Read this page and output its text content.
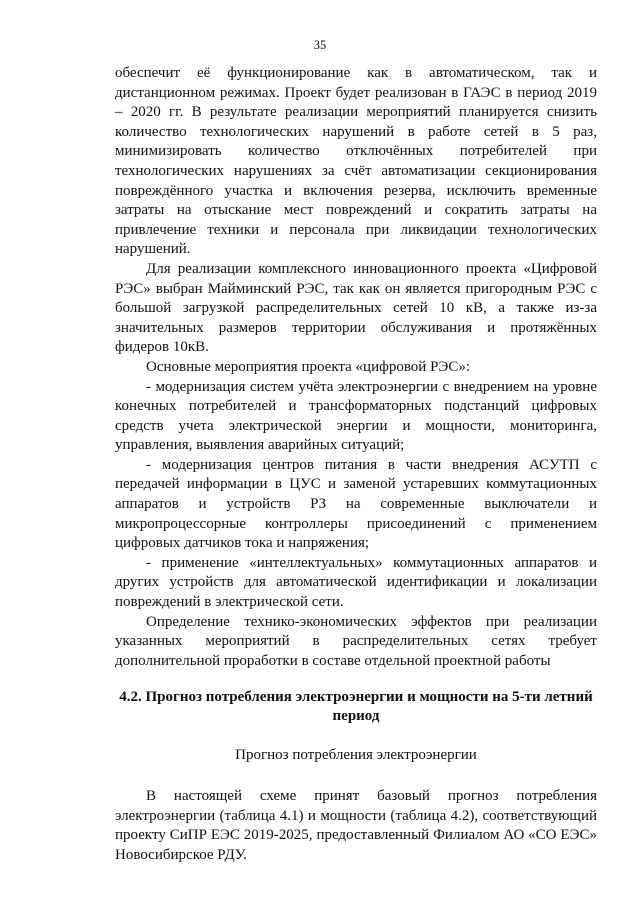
35

обеспечит её функционирование как в автоматическом, так и дистанционном режимах. Проект будет реализован в ГАЭС в период 2019 – 2020 гг. В результате реализации мероприятий планируется снизить количество технологических нарушений в работе сетей в 5 раз, минимизировать количество отключённых потребителей при технологических нарушениях за счёт автоматизации секционирования повреждённого участка и включения резерва, исключить временные затраты на отыскание мест повреждений и сократить затраты на привлечение техники и персонала при ликвидации технологических нарушений.

Для реализации комплексного инновационного проекта «Цифровой РЭС» выбран Майминский РЭС, так как он является пригородным РЭС с большой загрузкой распределительных сетей 10 кВ, а также из-за значительных размеров территории обслуживания и протяжённых фидеров 10кВ.

Основные мероприятия проекта «цифровой РЭС»:

- модернизация систем учёта электроэнергии с внедрением на уровне конечных потребителей и трансформаторных подстанций цифровых средств учета электрической энергии и мощности, мониторинга, управления, выявления аварийных ситуаций;

- модернизация центров питания в части внедрения АСУТП с передачей информации в ЦУС и заменой устаревших коммутационных аппаратов и устройств РЗ на современные выключатели и микропроцессорные контроллеры присоединений с применением цифровых датчиков тока и напряжения;

- применение «интеллектуальных» коммутационных аппаратов и других устройств для автоматической идентификации и локализации повреждений в электрической сети.

Определение технико-экономических эффектов при реализации указанных мероприятий в распределительных сетях требует дополнительной проработки в составе отдельной проектной работы

4.2. Прогноз потребления электроэнергии и мощности на 5-ти летний период

Прогноз потребления электроэнергии

В настоящей схеме принят базовый прогноз потребления электроэнергии (таблица 4.1) и мощности (таблица 4.2), соответствующий проекту СиПР ЕЭС 2019-2025, предоставленный Филиалом АО «СО ЕЭС» Новосибирское РДУ.
